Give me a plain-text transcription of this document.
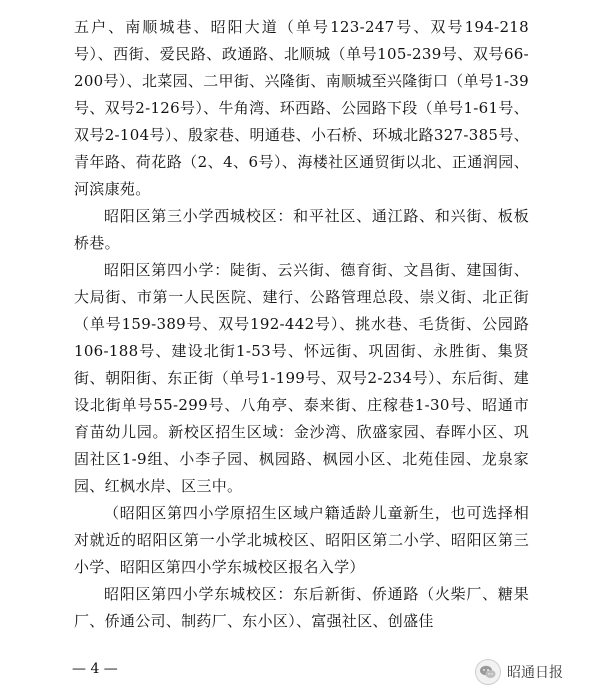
五户、南顺城巷、昭阳大道（单号123-247号、双号194-218号）、西街、爱民路、政通路、北顺城（单号105-239号、双号66-200号）、北菜园、二甲街、兴隆街、南顺城至兴隆街口（单号1-39号、双号2-126号）、牛角湾、环西路、公园路下段（单号1-61号、双号2-104号）、殷家巷、明通巷、小石桥、环城北路327-385号、青年路、荷花路（2、4、6号）、海楼社区通贸街以北、正通润园、河滨康苑。

昭阳区第三小学西城校区：和平社区、通江路、和兴街、板板桥巷。

昭阳区第四小学：陡街、云兴街、德育街、文昌街、建国街、大局街、市第一人民医院、建行、公路管理总段、崇义街、北正街（单号159-389号、双号192-442号）、挑水巷、毛货街、公园路106-188号、建设北街1-53号、怀远街、巩固街、永胜街、集贤街、朝阳街、东正街（单号1-199号、双号2-234号）、东后街、建设北街单号55-299号、八角亭、泰来街、庄稼巷1-30号、昭通市育苗幼儿园。新校区招生区域：金沙湾、欣盛家园、春晖小区、巩固社区1-9组、小李子园、枫园路、枫园小区、北苑佳园、龙泉家园、红枫水岸、区三中。

（昭阳区第四小学原招生区域户籍适龄儿童新生，也可选择相对就近的昭阳区第一小学北城校区、昭阳区第二小学、昭阳区第三小学、昭阳区第四小学东城校区报名入学）

昭阳区第四小学东城校区：东后新街、侨通路（火柴厂、糖果厂、侨通公司、制药厂、东小区）、富强社区、创盛佳

— 4 —	昭通日报
